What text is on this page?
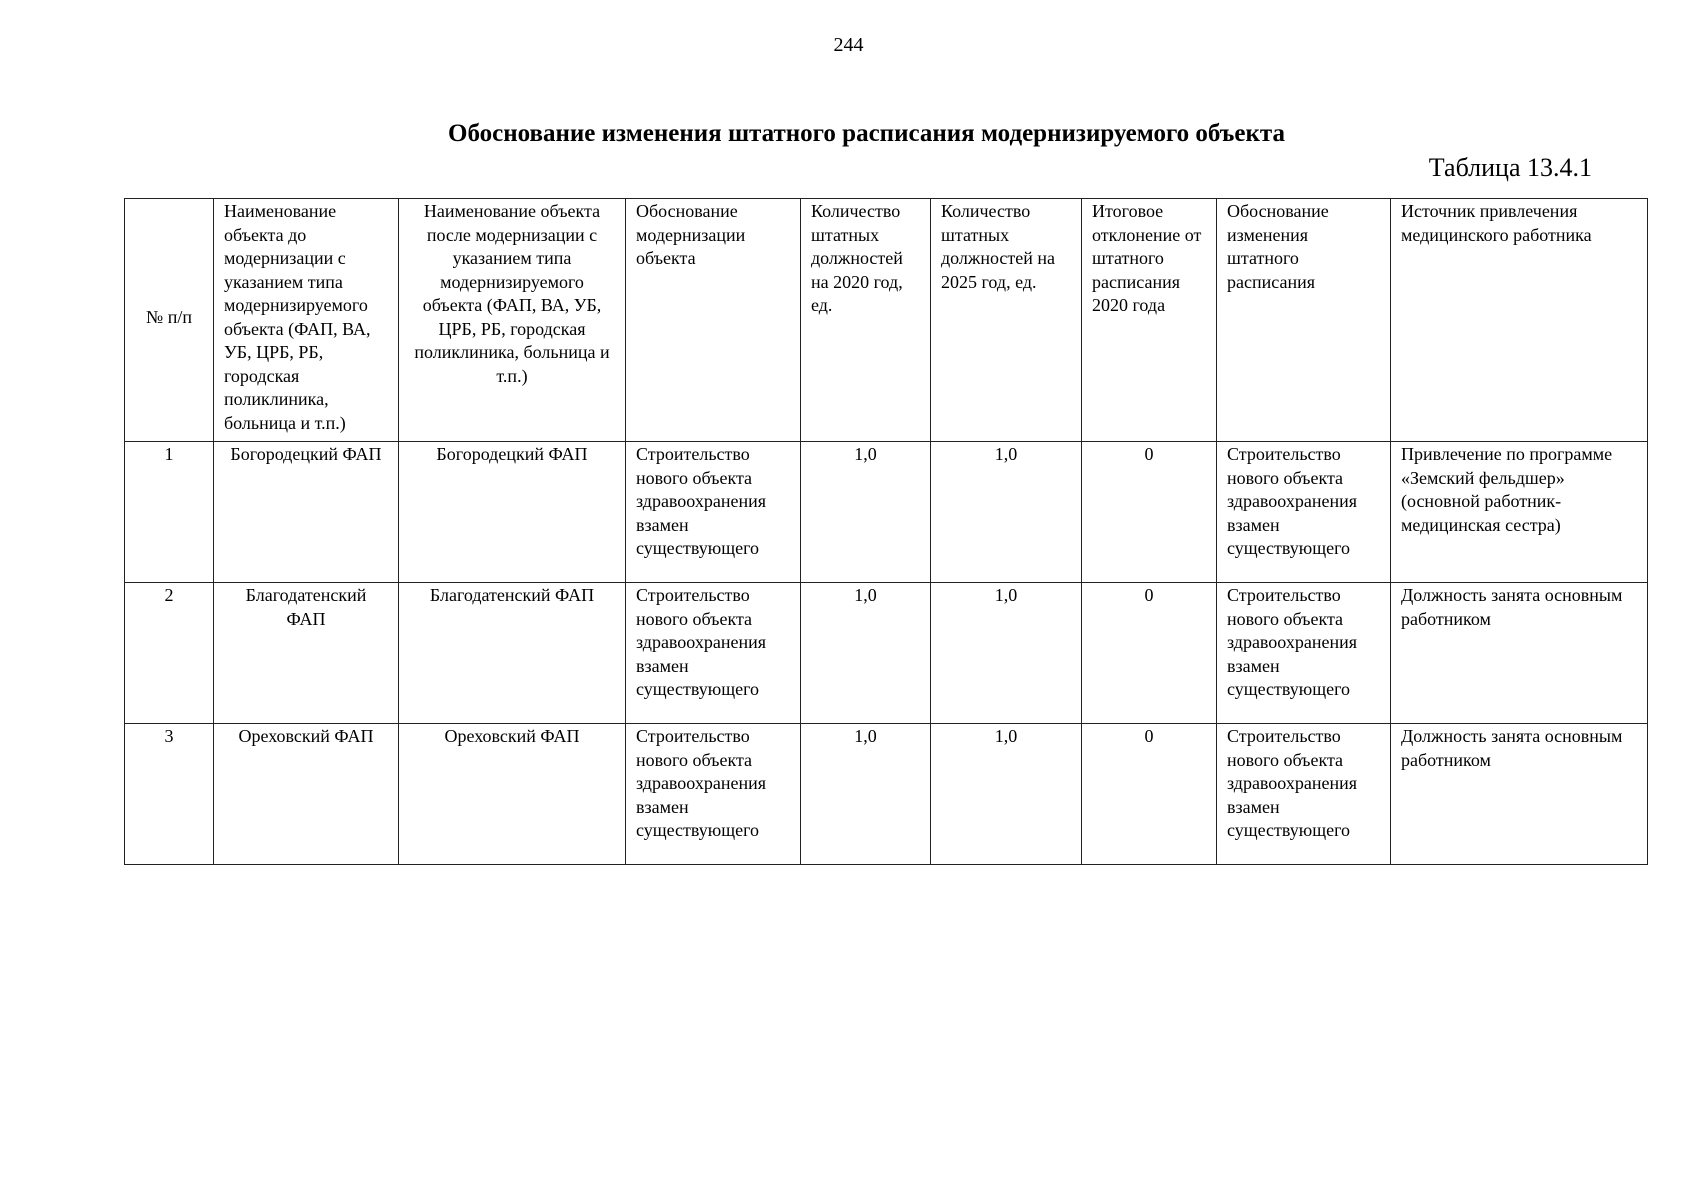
244
Обоснование изменения штатного расписания модернизируемого объекта
Таблица 13.4.1
№ п/п	Наименование объекта до модернизации с указанием типа модернизируемого объекта (ФАП, ВА, УБ, ЦРБ, РБ, городская поликлиника, больница и т.п.)	Наименование объекта после модернизации с указанием типа модернизируемого объекта (ФАП, ВА, УБ, ЦРБ, РБ, городская поликлиника, больница и т.п.)	Обоснование модернизации объекта	Количество штатных должностей на 2020 год, ед.	Количество штатных должностей на 2025 год, ед.	Итоговое отклонение от штатного расписания 2020 года	Обоснование изменения штатного расписания	Источник привлечения медицинского работника
1	Богородецкий ФАП	Богородецкий ФАП	Строительство нового объекта здравоохранения взамен существующего	1,0	1,0	0	Строительство нового объекта здравоохранения взамен существующего	Привлечение по программе «Земский фельдшер» (основной работник- медицинская сестра)
2	Благодатенский ФАП	Благодатенский ФАП	Строительство нового объекта здравоохранения взамен существующего	1,0	1,0	0	Строительство нового объекта здравоохранения взамен существующего	Должность занята основным работником
3	Ореховский ФАП	Ореховский ФАП	Строительство нового объекта здравоохранения взамен существующего	1,0	1,0	0	Строительство нового объекта здравоохранения взамен существующего	Должность занята основным работником
